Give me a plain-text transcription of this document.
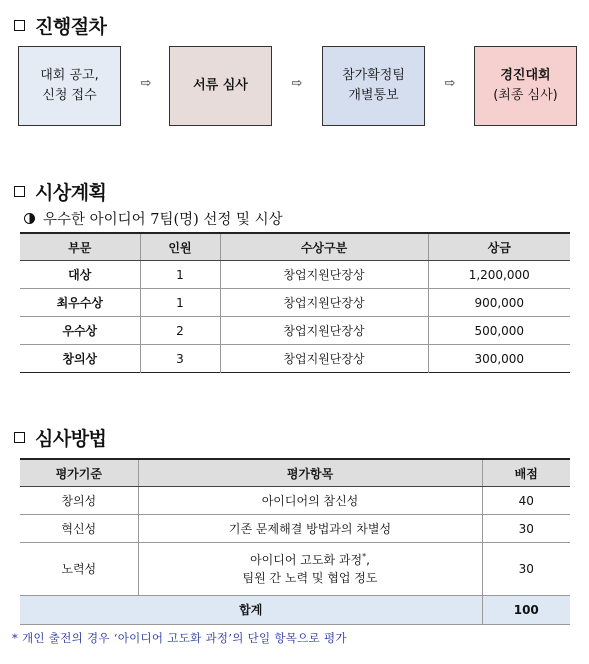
진행절차
대회 공고,
신청 접수
⇨	서류 심사	⇨
참가확정팀
개별통보
⇨
경진대회
(최종 심사)
시상계획
우수한 아이디어 7팀(명) 선정 및 시상
부문	인원	수상구분	상금
대상	1	창업지원단장상	1,200,000
최우수상	1	창업지원단장상	900,000
우수상	2	창업지원단장상	500,000
창의상	3	창업지원단장상	300,000
심사방법
평가기준	평가항목	배점
창의성	아이디어의 참신성	40
혁신성	기존 문제해결 방법과의 차별성	30
노력성	아이디어 고도화 과정*,
팀원 간 노력 및 협업 정도	30
합계		100
* 개인 출전의 경우 ‘아이디어 고도화 과정’의 단일 항목으로 평가
